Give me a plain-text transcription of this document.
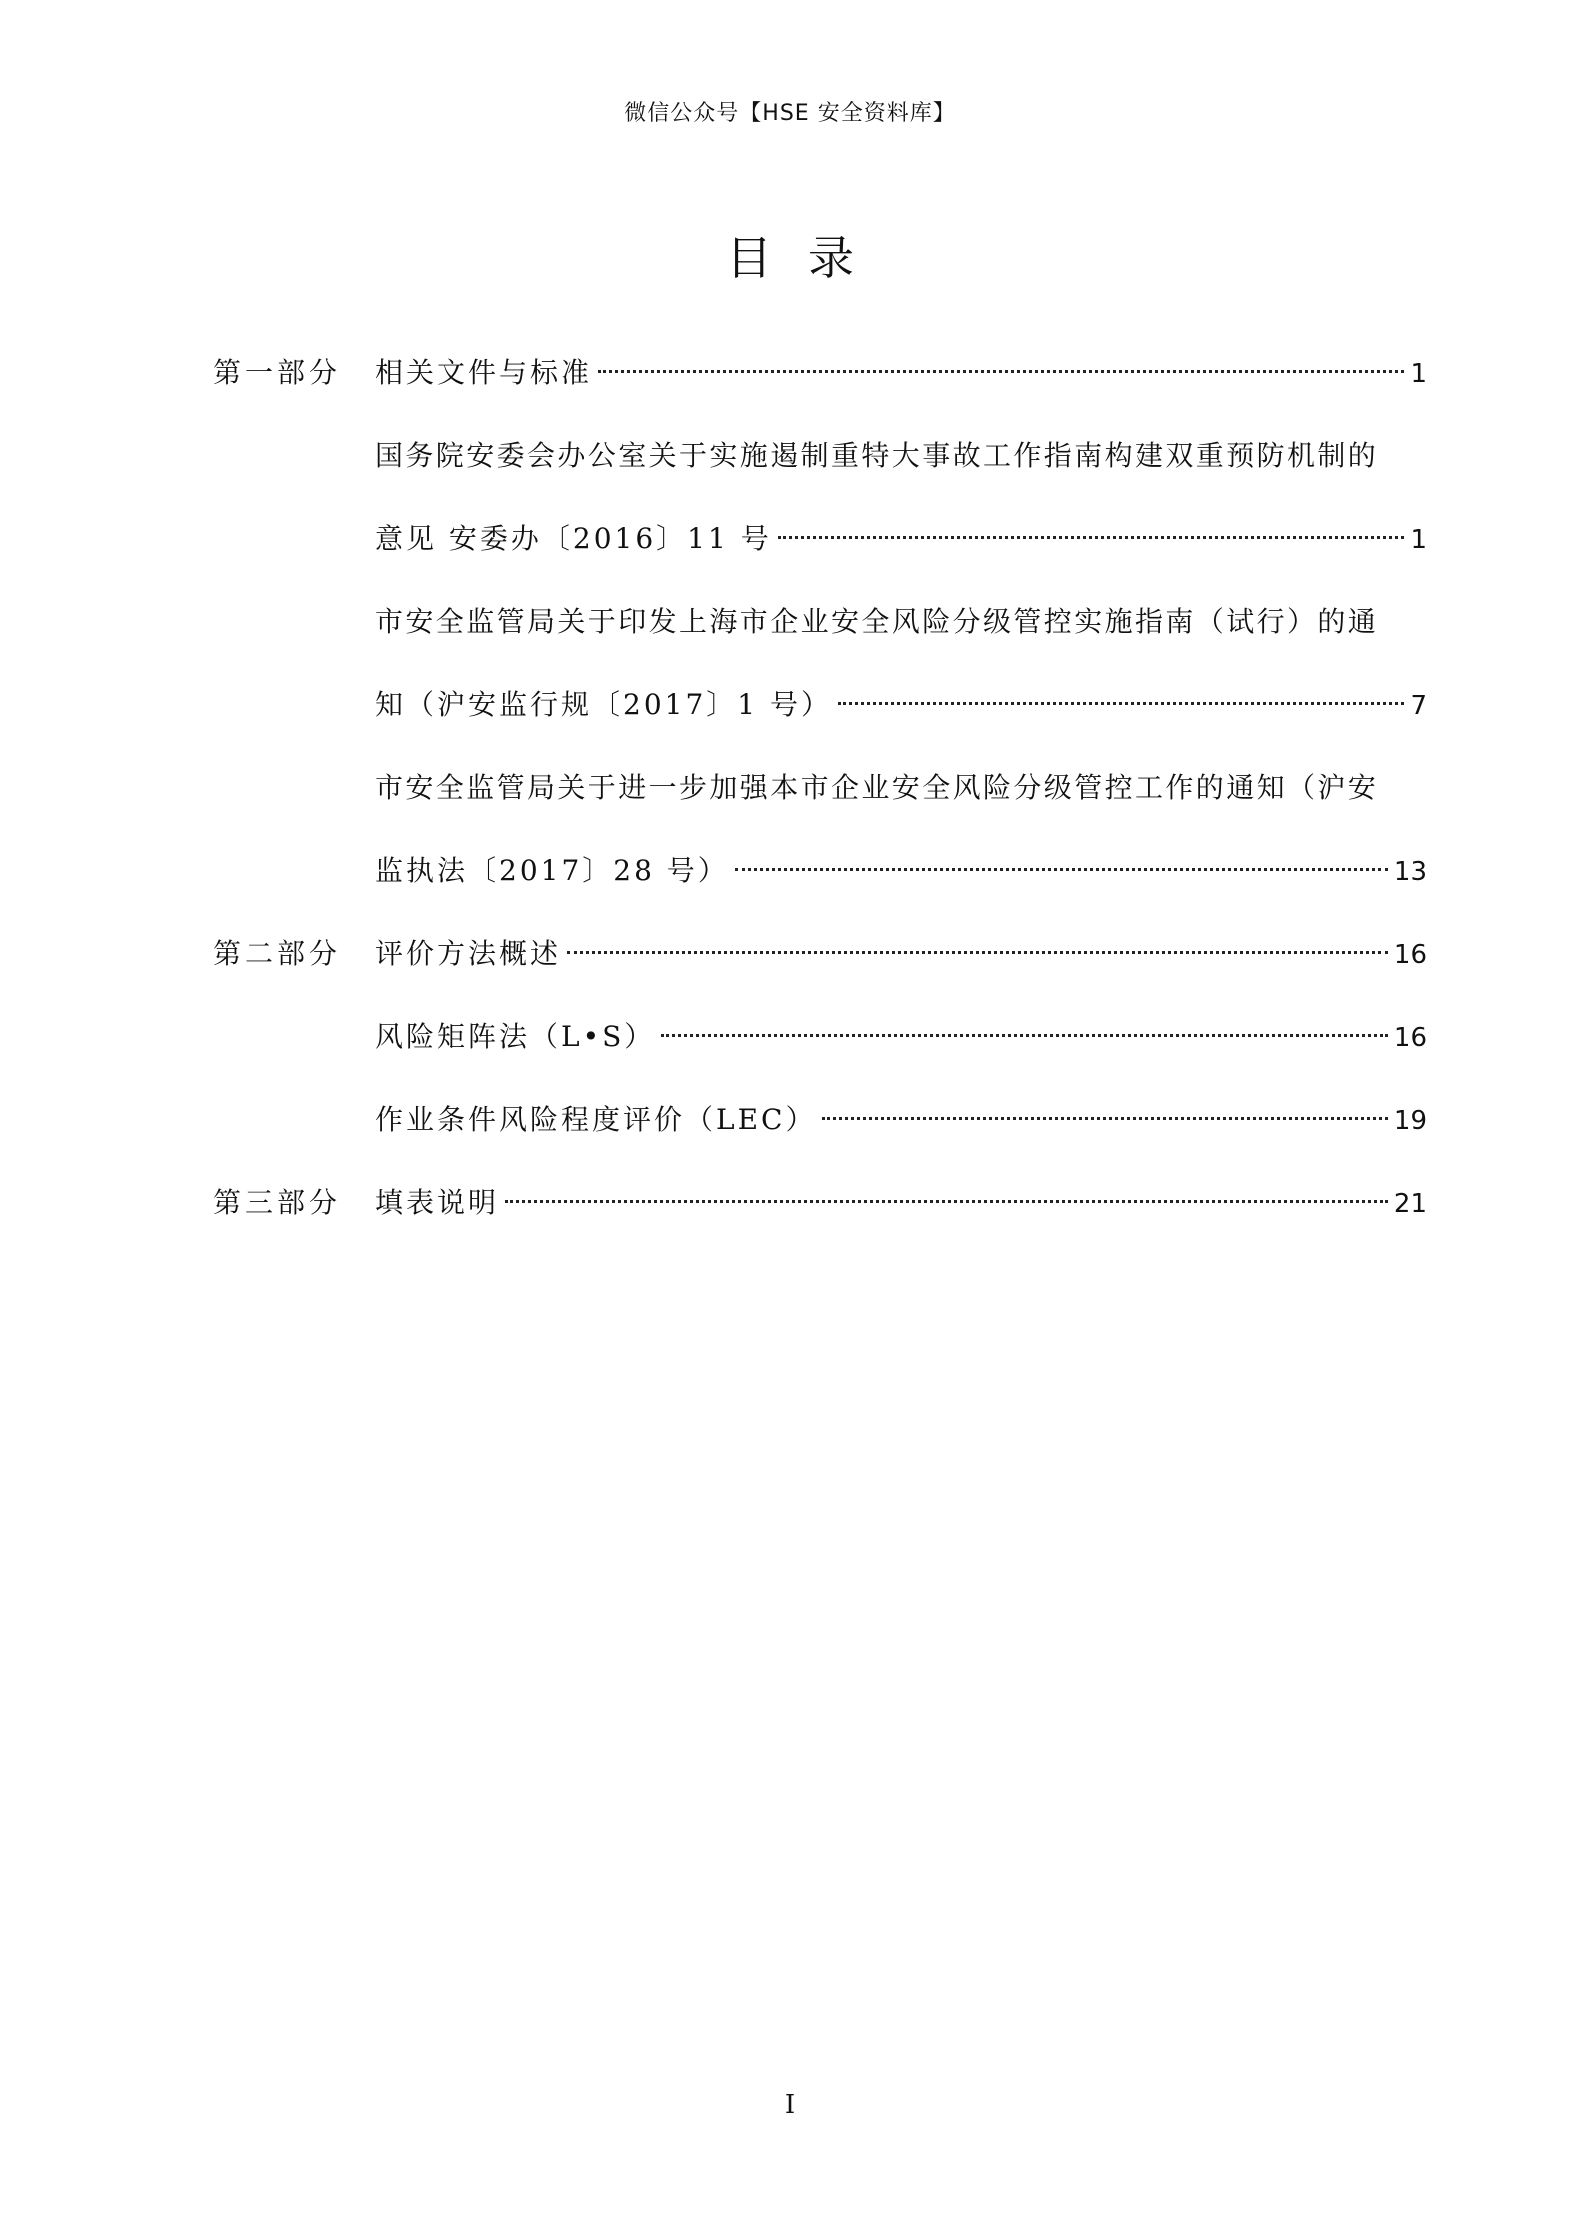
微信公众号【HSE 安全资料库】
目录
第一部分 相关文件与标准	1
国务院安委会办公室关于实施遏制重特大事故工作指南构建双重预防机制的
意见 安委办〔2016〕11 号	1
市安全监管局关于印发上海市企业安全风险分级管控实施指南（试行）的通
知（沪安监行规〔2017〕1 号）	7
市安全监管局关于进一步加强本市企业安全风险分级管控工作的通知（沪安
监执法〔2017〕28 号）	13
第二部分 评价方法概述	16
风险矩阵法（L•S）	16
作业条件风险程度评价（LEC）	19
第三部分 填表说明	21
I
